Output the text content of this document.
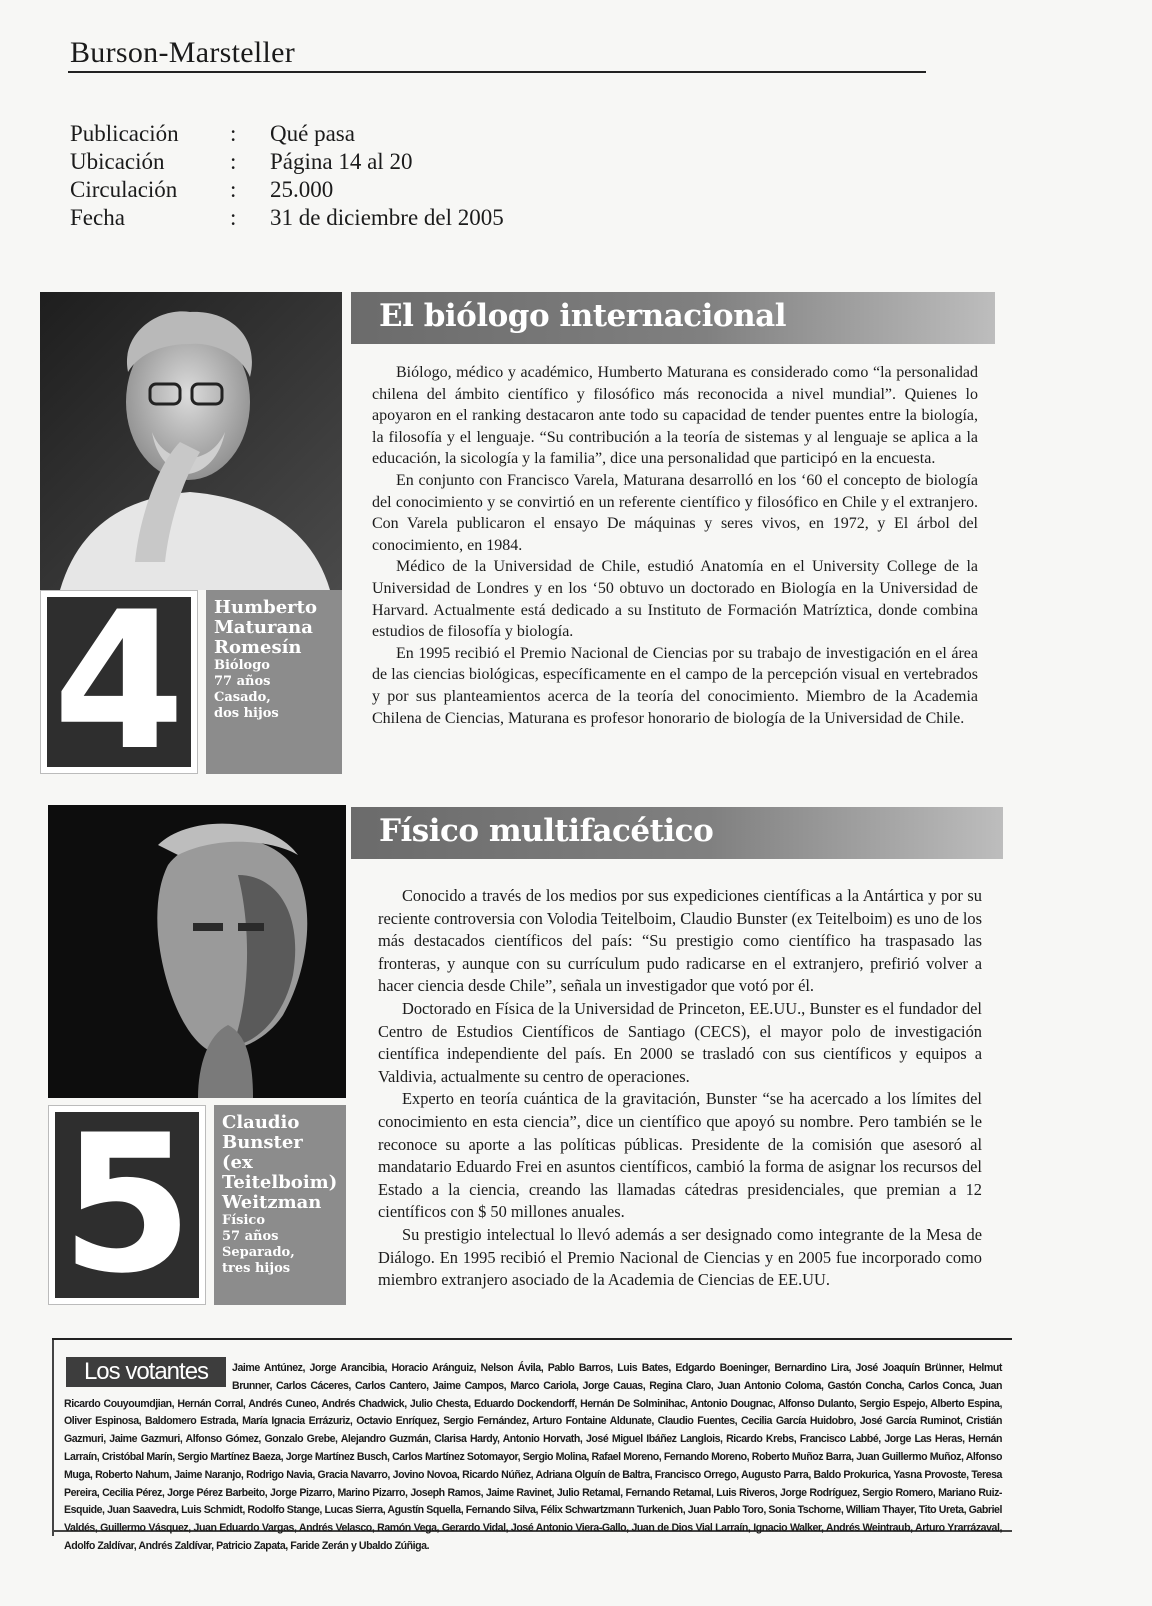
Burson-Marsteller
Publicación	: Qué pasa
Ubicación	: Página 14 al 20
Circulación	: 25.000
Fecha	: 31 de diciembre del 2005
4	Humberto
Maturana
Romesín
Biólogo
77 años
Casado,
dos hijos
El biólogo internacional

Biólogo, médico y académico, Humberto Maturana es considerado como “la personalidad chilena del ámbito científico y filosófico más reconocida a nivel mundial”. Quienes lo apoyaron en el ranking destacaron ante todo su capacidad de tender puentes entre la biología, la filosofía y el lenguaje. “Su contribución a la teoría de sistemas y al lenguaje se aplica a la educación, la sicología y la familia”, dice una personalidad que participó en la encuesta.

En conjunto con Francisco Varela, Maturana desarrolló en los ‘60 el concepto de biología del conocimiento y se convirtió en un referente científico y filosófico en Chile y el extranjero. Con Varela publicaron el ensayo De máquinas y seres vivos, en 1972, y El árbol del conocimiento, en 1984.

Médico de la Universidad de Chile, estudió Anatomía en el University College de la Universidad de Londres y en los ‘50 obtuvo un doctorado en Biología en la Universidad de Harvard. Actualmente está dedicado a su Instituto de Formación Matríztica, donde combina estudios de filosofía y biología.

En 1995 recibió el Premio Nacional de Ciencias por su trabajo de investigación en el área de las ciencias biológicas, específicamente en el campo de la percepción visual en vertebrados y por sus planteamientos acerca de la teoría del conocimiento. Miembro de la Academia Chilena de Ciencias, Maturana es profesor honorario de biología de la Universidad de Chile.

5	Claudio
Bunster
(ex
Teitelboim)
Weitzman
Físico
57 años
Separado,
tres hijos
Físico multifacético

Conocido a través de los medios por sus expediciones científicas a la Antártica y por su reciente controversia con Volodia Teitelboim, Claudio Bunster (ex Teitelboim) es uno de los más destacados científicos del país: “Su prestigio como científico ha traspasado las fronteras, y aunque con su currículum pudo radicarse en el extranjero, prefirió volver a hacer ciencia desde Chile”, señala un investigador que votó por él.

Doctorado en Física de la Universidad de Princeton, EE.UU., Bunster es el fundador del Centro de Estudios Científicos de Santiago (CECS), el mayor polo de investigación científica independiente del país. En 2000 se trasladó con sus científicos y equipos a Valdivia, actualmente su centro de operaciones.

Experto en teoría cuántica de la gravitación, Bunster “se ha acercado a los límites del conocimiento en esta ciencia”, dice un científico que apoyó su nombre. Pero también se le reconoce su aporte a las políticas públicas. Presidente de la comisión que asesoró al mandatario Eduardo Frei en asuntos científicos, cambió la forma de asignar los recursos del Estado a la ciencia, creando las llamadas cátedras presidenciales, que premian a 12 científicos con $ 50 millones anuales.

Su prestigio intelectual lo llevó además a ser designado como integrante de la Mesa de Diálogo. En 1995 recibió el Premio Nacional de Ciencias y en 2005 fue incorporado como miembro extranjero asociado de la Academia de Ciencias de EE.UU.

Jaime Antúnez, Jorge Arancibia, Horacio Aránguiz, Nelson Ávila, Pablo Barros, Luis Bates, Edgardo Boeninger, Bernardino Lira, José Joaquín Brünner, Helmut Brunner, Carlos Cáceres, Carlos Cantero, Jaime Campos, Marco Cariola, Jorge Cauas, Regina Claro, Juan Antonio Coloma, Gastón Concha, Carlos Conca, Juan Ricardo Couyoumdjian, Hernán Corral, Andrés Cuneo, Andrés Chadwick, Julio Chesta, Eduardo Dockendorff, Hernán De Solminihac, Antonio Dougnac, Alfonso Dulanto, Sergio Espejo, Alberto Espina, Oliver Espinosa, Baldomero Estrada, María Ignacia Errázuriz, Octavio Enríquez, Sergio Fernández, Arturo Fontaine Aldunate, Claudio Fuentes, Cecilia García Huidobro, José García Ruminot, Cristián Gazmuri, Jaime Gazmuri, Alfonso Gómez, Gonzalo Grebe, Alejandro Guzmán, Clarisa Hardy, Antonio Horvath, José Miguel Ibáñez Langlois, Ricardo Krebs, Francisco Labbé, Jorge Las Heras, Hernán Larraín, Cristóbal Marín, Sergio Martínez Baeza, Jorge Martínez Busch, Carlos Martínez Sotomayor, Sergio Molina, Rafael Moreno, Fernando Moreno, Roberto Muñoz Barra, Juan Guillermo Muñoz, Alfonso Muga, Roberto Nahum, Jaime Naranjo, Rodrigo Navia, Gracia Navarro, Jovino Novoa, Ricardo Núñez, Adriana Olguín de Baltra, Francisco Orrego, Augusto Parra, Baldo Prokurica, Yasna Provoste, Teresa Pereira, Cecilia Pérez, Jorge Pérez Barbeito, Jorge Pizarro, Marino Pizarro, Joseph Ramos, Jaime Ravinet, Julio Retamal, Fernando Retamal, Luis Riveros, Jorge Rodríguez, Sergio Romero, Mariano Ruiz-Esquide, Juan Saavedra, Luis Schmidt, Rodolfo Stange, Lucas Sierra, Agustín Squella, Fernando Silva, Félix Schwartzmann Turkenich, Juan Pablo Toro, Sonia Tschorne, William Thayer, Tito Ureta, Gabriel Valdés, Guillermo Vásquez, Juan Eduardo Vargas, Andrés Velasco, Ramón Vega, Gerardo Vidal, José Antonio Viera-Gallo, Juan de Dios Vial Larraín, Ignacio Walker, Andrés Weintraub, Arturo Yrarrázaval, Adolfo Zaldívar, Andrés Zaldívar, Patricio Zapata, Faride Zerán y Ubaldo Zúñiga.
Los votantes
